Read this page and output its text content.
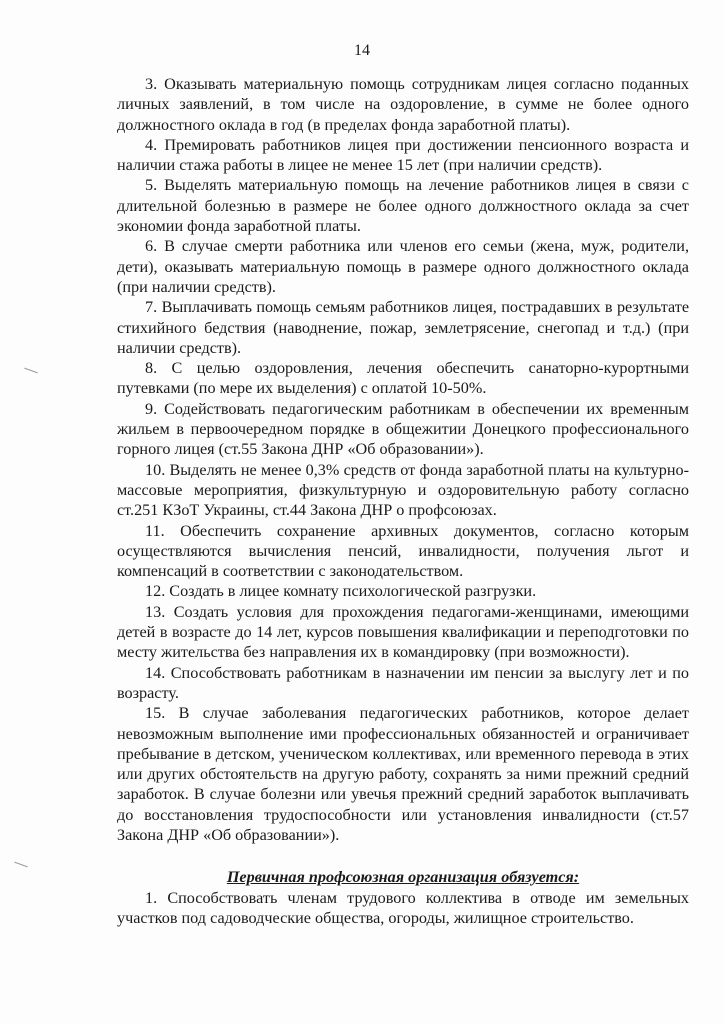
14

3. Оказывать материальную помощь сотрудникам лицея согласно поданных личных заявлений, в том числе на оздоровление, в сумме не более одного должностного оклада в год (в пределах фонда заработной платы).

4. Премировать работников лицея при достижении пенсионного возраста и наличии стажа работы в лицее не менее 15 лет (при наличии средств).

5. Выделять материальную помощь на лечение работников лицея в связи с длительной болезнью в размере не более одного должностного оклада за счет экономии фонда заработной платы.

6. В случае смерти работника или членов его семьи (жена, муж, родители, дети), оказывать материальную помощь в размере одного должностного оклада (при наличии средств).

7. Выплачивать помощь семьям работников лицея, пострадавших в результате стихийного бедствия (наводнение, пожар, землетрясение, снегопад и т.д.) (при наличии средств).

8. С целью оздоровления, лечения обеспечить санаторно-курортными путевками (по мере их выделения) с оплатой 10-50%.

9. Содействовать педагогическим работникам в обеспечении их временным жильем в первоочередном порядке в общежитии Донецкого профессионального горного лицея (ст.55 Закона ДНР «Об образовании»).

10. Выделять не менее 0,3% средств от фонда заработной платы на культурно-массовые мероприятия, физкультурную и оздоровительную работу согласно ст.251 КЗоТ Украины, ст.44 Закона ДНР о профсоюзах.

11. Обеспечить сохранение архивных документов, согласно которым осуществляются вычисления пенсий, инвалидности, получения льгот и компенсаций в соответствии с законодательством.

12. Создать в лицее комнату психологической разгрузки.

13. Создать условия для прохождения педагогами-женщинами, имеющими детей в возрасте до 14 лет, курсов повышения квалификации и переподготовки по месту жительства без направления их в командировку (при возможности).

14. Способствовать работникам в назначении им пенсии за выслугу лет и по возрасту.

15. В случае заболевания педагогических работников, которое делает невозможным выполнение ими профессиональных обязанностей и ограничивает пребывание в детском, ученическом коллективах, или временного перевода в этих или других обстоятельств на другую работу, сохранять за ними прежний средний заработок. В случае болезни или увечья прежний средний заработок выплачивать до восстановления трудоспособности или установления инвалидности (ст.57 Закона ДНР «Об образовании»).

Первичная профсоюзная организация обязуется:

1. Способствовать членам трудового коллектива в отводе им земельных участков под садоводческие общества, огороды, жилищное строительство.
